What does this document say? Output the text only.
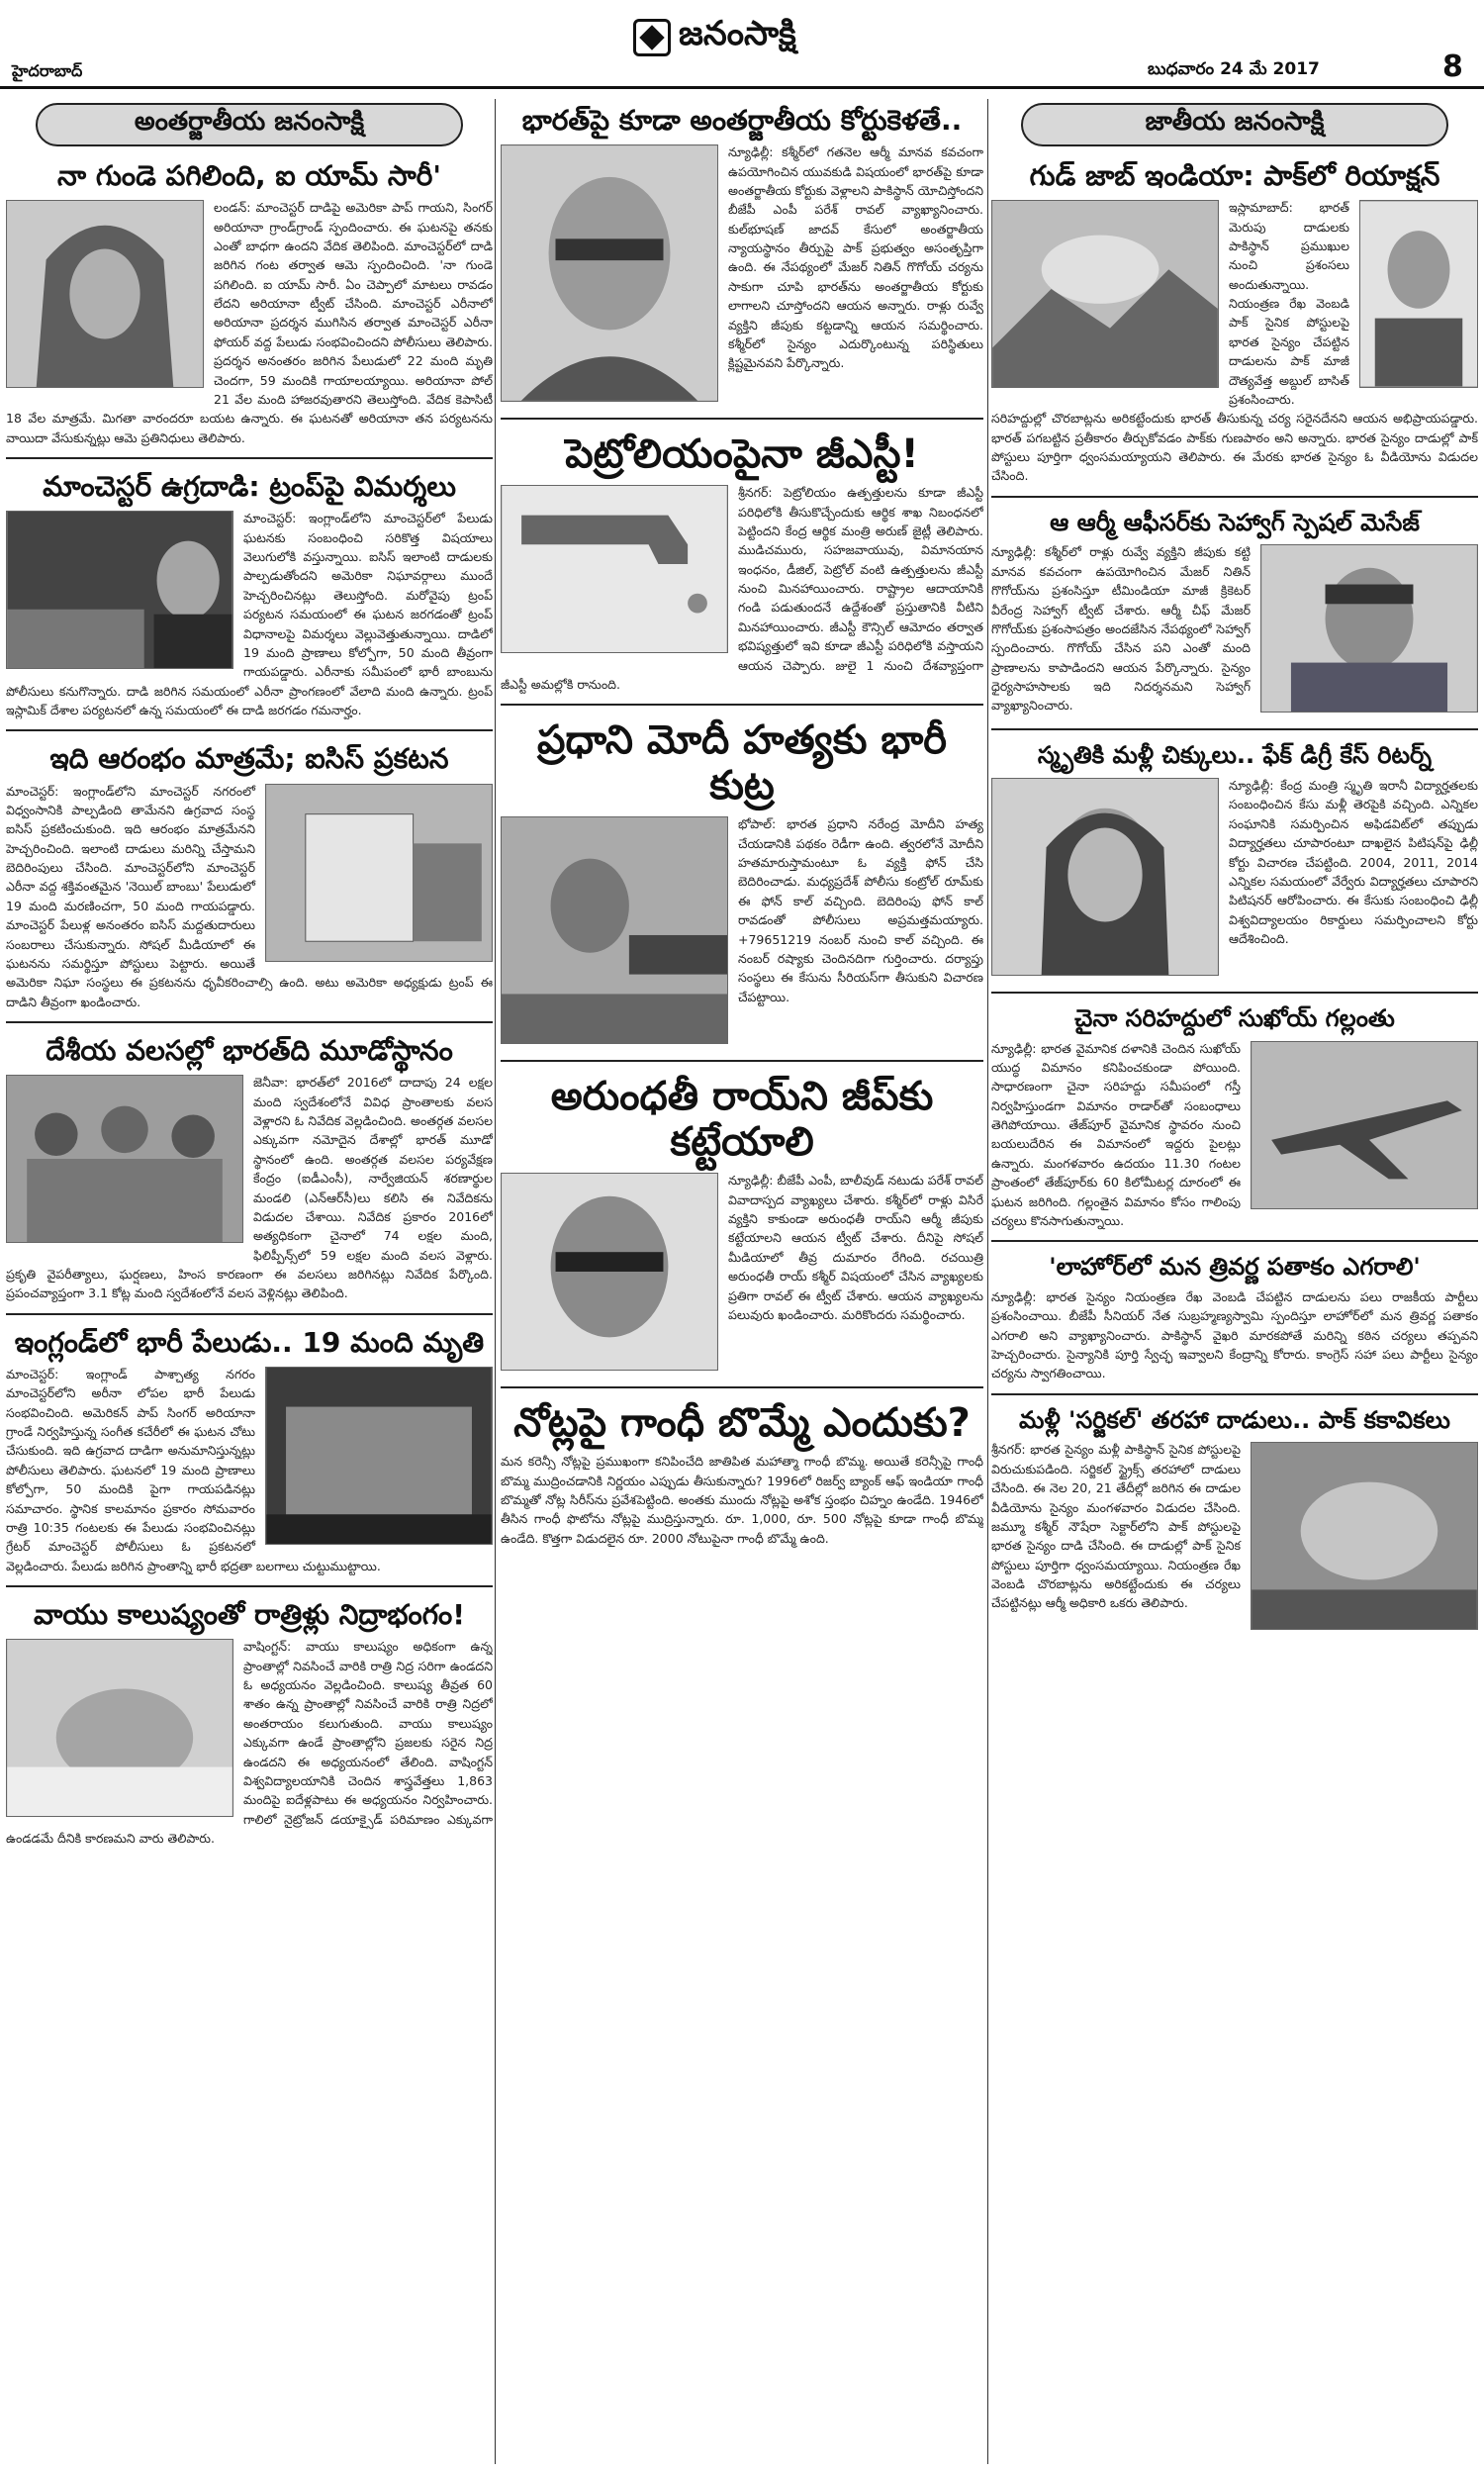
హైదరాబాద్
జనంసాక్షి
బుధవారం 24 మే 2017	8
అంతర్జాతీయ జనంసాక్షి
నా గుండె పగిలింది, ఐ యామ్ సారీ'
లండన్‌: మాంచెస్టర్‌ దాడిపై అమెరికా పాప్‌ గాయని, సింగర్‌ అరియానా గ్రాండ్‌గ్రాండ్‌ స్పందించారు. ఈ ఘటనపై తనకు ఎంతో బాధగా ఉందని వేదిక తెలిపింది. మాంచెస్టర్‌లో దాడి జరిగిన గంట తర్వాత ఆమె స్పందించింది. 'నా గుండె పగిలింది. ఐ యామ్‌ సారీ. ఏం చెప్పాలో మాటలు రావడం లేదని అరియానా ట్వీట్‌ చేసింది. మాంచెస్టర్‌ ఎరీనాలో అరియానా ప్రదర్శన ముగిసిన తర్వాత మాంచెస్టర్‌ ఎరీనా ఫోయర్‌ వద్ద పేలుడు సంభవించిందని పోలీసులు తెలిపారు. ప్రదర్శన అనంతరం జరిగిన పేలుడులో 22 మంది మృతి చెందగా, 59 మందికి గాయాలయ్యాయి. అరియానా పోల్‌ 21 వేల మంది హాజరవుతారని తెలుస్తోంది. వేదిక కెపాసిటీ 18 వేల మాత్రమే. మిగతా వారందరూ బయట ఉన్నారు. ఈ ఘటనతో అరియానా తన పర్యటనను వాయిదా వేసుకున్నట్లు ఆమె ప్రతినిధులు తెలిపారు.
మాంచెస్టర్‌ ఉగ్రదాడి: ట్రంప్‌పై విమర్శలు
మాంచెస్టర్‌: ఇంగ్లాండ్‌లోని మాంచెస్టర్‌లో పేలుడు ఘటనకు సంబంధించి సరికొత్త విషయాలు వెలుగులోకి వస్తున్నాయి. ఐసిస్‌ ఇలాంటి దాడులకు పాల్పడుతోందని అమెరికా నిఘావర్గాలు ముందే హెచ్చరించినట్లు తెలుస్తోంది. మరోవైపు ట్రంప్‌ పర్యటన సమయంలో ఈ ఘటన జరగడంతో ట్రంప్‌ విధానాలపై విమర్శలు వెల్లువెత్తుతున్నాయి. దాడిలో 19 మంది ప్రాణాలు కోల్పోగా, 50 మంది తీవ్రంగా గాయపడ్డారు. ఎరీనాకు సమీపంలో భారీ బాంబును పోలీసులు కనుగొన్నారు. దాడి జరిగిన సమయంలో ఎరీనా ప్రాంగణంలో వేలాది మంది ఉన్నారు. ట్రంప్‌ ఇస్లామిక్‌ దేశాల పర్యటనలో ఉన్న సమయంలో ఈ దాడి జరగడం గమనార్హం.
ఇది ఆరంభం మాత్రమే; ఐసిస్‌ ప్రకటన
మాంచెస్టర్‌: ఇంగ్లాండ్‌లోని మాంచెస్టర్‌ నగరంలో విధ్వంసానికి పాల్పడింది తామేనని ఉగ్రవాద సంస్థ ఐసిస్‌ ప్రకటించుకుంది. ఇది ఆరంభం మాత్రమేనని హెచ్చరించింది. ఇలాంటి దాడులు మరిన్ని చేస్తామని బెదిరింపులు చేసింది. మాంచెస్టర్‌లోని మాంచెస్టర్‌ ఎరీనా వద్ద శక్తివంతమైన 'నెయిల్‌ బాంబు' పేలుడులో 19 మంది మరణించగా, 50 మంది గాయపడ్డారు. మాంచెస్టర్‌ పేలుళ్ల అనంతరం ఐసిస్‌ మద్దతుదారులు సంబరాలు చేసుకున్నారు. సోషల్‌ మీడియాలో ఈ ఘటనను సమర్థిస్తూ పోస్టులు పెట్టారు. అయితే అమెరికా నిఘా సంస్థలు ఈ ప్రకటనను ధృవీకరించాల్సి ఉంది. అటు అమెరికా అధ్యక్షుడు ట్రంప్‌ ఈ దాడిని తీవ్రంగా ఖండించారు.
దేశీయ వలసల్లో భారత్‌ది మూడోస్థానం
జెనీవా: భారత్‌లో 2016లో దాదాపు 24 లక్షల మంది స్వదేశంలోనే వివిధ ప్రాంతాలకు వలస వెళ్లారని ఓ నివేదిక వెల్లడించింది. అంతర్గత వలసల ఎక్కువగా నమోదైన దేశాల్లో భారత్‌ మూడో స్థానంలో ఉంది. అంతర్గత వలసల పర్యవేక్షణ కేంద్రం (ఐడీఎంసీ), నార్వేజియన్‌ శరణార్థుల మండలి (ఎన్‌ఆర్‌సీ)లు కలిసి ఈ నివేదికను విడుదల చేశాయి. నివేదిక ప్రకారం 2016లో అత్యధికంగా చైనాలో 74 లక్షల మంది, ఫిలిప్పీన్స్‌లో 59 లక్షల మంది వలస వెళ్లారు. ప్రకృతి వైపరీత్యాలు, ఘర్షణలు, హింస కారణంగా ఈ వలసలు జరిగినట్లు నివేదిక పేర్కొంది. ప్రపంచవ్యాప్తంగా 3.1 కోట్ల మంది స్వదేశంలోనే వలస వెళ్లినట్లు తెలిపింది.
ఇంగ్లండ్‌లో భారీ పేలుడు.. 19 మంది మృతి
మాంచెస్టర్‌: ఇంగ్లాండ్‌ పాశ్చాత్య నగరం మాంచెస్టర్‌లోని అరీనా లోపల భారీ పేలుడు సంభవించింది. అమెరికన్‌ పాప్‌ సింగర్‌ అరియానా గ్రాండే నిర్వహిస్తున్న సంగీత కచేరీలో ఈ ఘటన చోటు చేసుకుంది. ఇది ఉగ్రవాద దాడిగా అనుమానిస్తున్నట్లు పోలీసులు తెలిపారు. ఘటనలో 19 మంది ప్రాణాలు కోల్పోగా, 50 మందికి పైగా గాయపడినట్లు సమాచారం. స్థానిక కాలమానం ప్రకారం సోమవారం రాత్రి 10:35 గంటలకు ఈ పేలుడు సంభవించినట్లు గ్రేటర్‌ మాంచెస్టర్‌ పోలీసులు ఓ ప్రకటనలో వెల్లడించారు. పేలుడు జరిగిన ప్రాంతాన్ని భారీ భద్రతా బలగాలు చుట్టుముట్టాయి.
వాయు కాలుష్యంతో రాత్రిళ్లు నిద్రాభంగం!
వాషింగ్టన్‌: వాయు కాలుష్యం అధికంగా ఉన్న ప్రాంతాల్లో నివసించే వారికి రాత్రి నిద్ర సరిగా ఉండదని ఓ అధ్యయనం వెల్లడించింది. కాలుష్య తీవ్రత 60 శాతం ఉన్న ప్రాంతాల్లో నివసించే వారికి రాత్రి నిద్రలో అంతరాయం కలుగుతుంది. వాయు కాలుష్యం ఎక్కువగా ఉండే ప్రాంతాల్లోని ప్రజలకు సరైన నిద్ర ఉండదని ఈ అధ్యయనంలో తేలింది. వాషింగ్టన్‌ విశ్వవిద్యాలయానికి చెందిన శాస్త్రవేత్తలు 1,863 మందిపై ఐదేళ్లపాటు ఈ అధ్యయనం నిర్వహించారు. గాలిలో నైట్రోజన్‌ డయాక్సైడ్‌ పరిమాణం ఎక్కువగా ఉండడమే దీనికి కారణమని వారు తెలిపారు.
భారత్‌పై కూడా అంతర్జాతీయ కోర్టుకెళతే..
న్యూఢిల్లీ: కశ్మీర్‌లో గతనెల ఆర్మీ మానవ కవచంగా ఉపయోగించిన యువకుడి విషయంలో భారత్‌పై కూడా అంతర్జాతీయ కోర్టుకు వెళ్లాలని పాకిస్థాన్‌ యోచిస్తోందని బీజేపీ ఎంపీ పరేశ్‌ రావల్‌ వ్యాఖ్యానించారు. కుల్‌భూషణ్‌ జాదవ్‌ కేసులో అంతర్జాతీయ న్యాయస్థానం తీర్పుపై పాక్‌ ప్రభుత్వం అసంతృప్తిగా ఉంది. ఈ నేపథ్యంలో మేజర్‌ నితిన్‌ గొగోయ్‌ చర్యను సాకుగా చూపి భారత్‌ను అంతర్జాతీయ కోర్టుకు లాగాలని చూస్తోందని ఆయన అన్నారు. రాళ్లు రువ్వే వ్యక్తిని జీపుకు కట్టడాన్ని ఆయన సమర్థించారు. కశ్మీర్‌లో సైన్యం ఎదుర్కొంటున్న పరిస్థితులు క్లిష్టమైనవని పేర్కొన్నారు.
పెట్రోలియంపైనా జీఎస్టీ!
శ్రీనగర్‌: పెట్రోలియం ఉత్పత్తులను కూడా జీఎస్టీ పరిధిలోకి తీసుకొచ్చేందుకు ఆర్థిక శాఖ నిబంధనలో పెట్టిందని కేంద్ర ఆర్థిక మంత్రి అరుణ్‌ జైట్లీ తెలిపారు. ముడిచమురు, సహజవాయువు, విమానయాన ఇంధనం, డీజిల్‌, పెట్రోల్‌ వంటి ఉత్పత్తులను జీఎస్టీ నుంచి మినహాయించారు. రాష్ట్రాల ఆదాయానికి గండి పడుతుందనే ఉద్దేశంతో ప్రస్తుతానికి వీటిని మినహాయించారు. జీఎస్టీ కౌన్సిల్‌ ఆమోదం తర్వాత భవిష్యత్తులో ఇవి కూడా జీఎస్టీ పరిధిలోకి వస్తాయని ఆయన చెప్పారు. జులై 1 నుంచి దేశవ్యాప్తంగా జీఎస్టీ అమల్లోకి రానుంది.
ప్రధాని మోదీ హత్యకు భారీ కుట్ర
భోపాల్‌: భారత ప్రధాని నరేంద్ర మోదీని హత్య చేయడానికి పథకం రెడీగా ఉంది. త్వరలోనే మోదీని హతమారుస్తామంటూ ఓ వ్యక్తి ఫోన్‌ చేసి బెదిరించాడు. మధ్యప్రదేశ్‌ పోలీసు కంట్రోల్‌ రూమ్‌కు ఈ ఫోన్‌ కాల్‌ వచ్చింది. బెదిరింపు ఫోన్‌ కాల్‌ రావడంతో పోలీసులు అప్రమత్తమయ్యారు. +79651219 నంబర్‌ నుంచి కాల్‌ వచ్చింది. ఈ నంబర్‌ రష్యాకు చెందినదిగా గుర్తించారు. దర్యాప్తు సంస్థలు ఈ కేసును సీరియస్‌గా తీసుకుని విచారణ చేపట్టాయి.
అరుంధతీ రాయ్‌ని జీప్‌కు కట్టేయాలి
న్యూఢిల్లీ: బీజేపీ ఎంపీ, బాలీవుడ్‌ నటుడు పరేశ్‌ రావల్‌ వివాదాస్పద వ్యాఖ్యలు చేశారు. కశ్మీర్‌లో రాళ్లు విసిరే వ్యక్తిని కాకుండా అరుంధతీ రాయ్‌ని ఆర్మీ జీపుకు కట్టేయాలని ఆయన ట్వీట్‌ చేశారు. దీనిపై సోషల్‌ మీడియాలో తీవ్ర దుమారం రేగింది. రచయిత్రి అరుంధతీ రాయ్‌ కశ్మీర్‌ విషయంలో చేసిన వ్యాఖ్యలకు ప్రతిగా రావల్‌ ఈ ట్వీట్‌ చేశారు. ఆయన వ్యాఖ్యలను పలువురు ఖండించారు. మరికొందరు సమర్థించారు.
నోట్లపై గాంధీ బొమ్మే ఎందుకు?
మన కరెన్సీ నోట్లపై ప్రముఖంగా కనిపించేది జాతిపిత మహాత్మా గాంధీ బొమ్మ. అయితే కరెన్సీపై గాంధీ బొమ్మ ముద్రించడానికి నిర్ణయం ఎప్పుడు తీసుకున్నారు? 1996లో రిజర్వ్‌ బ్యాంక్‌ ఆఫ్‌ ఇండియా గాంధీ బొమ్మతో నోట్ల సిరీస్‌ను ప్రవేశపెట్టింది. అంతకు ముందు నోట్లపై అశోక స్తంభం చిహ్నం ఉండేది. 1946లో తీసిన గాంధీ ఫొటోను నోట్లపై ముద్రిస్తున్నారు. రూ. 1,000, రూ. 500 నోట్లపై కూడా గాంధీ బొమ్మ ఉండేది. కొత్తగా విడుదలైన రూ. 2000 నోటుపైనా గాంధీ బొమ్మే ఉంది.
జాతీయ జనంసాక్షి
గుడ్‌ జాబ్‌ ఇండియా: పాక్‌లో రియాక్షన్‌
ఇస్లామాబాద్‌: భారత్‌ మెరుపు దాడులకు పాకిస్థాన్‌ ప్రముఖుల నుంచి ప్రశంసలు అందుతున్నాయి. నియంత్రణ రేఖ వెంబడి పాక్‌ సైనిక పోస్టులపై భారత సైన్యం చేపట్టిన దాడులను పాక్‌ మాజీ దౌత్యవేత్త అబ్దుల్‌ బాసిత్‌ ప్రశంసించారు. సరిహద్దుల్లో చొరబాట్లను అరికట్టేందుకు భారత్‌ తీసుకున్న చర్య సరైనదేనని ఆయన అభిప్రాయపడ్డారు. భారత్‌ పగబట్టిన ప్రతీకారం తీర్చుకోవడం పాక్‌కు గుణపాఠం అని అన్నారు. భారత సైన్యం దాడుల్లో పాక్‌ పోస్టులు పూర్తిగా ధ్వంసమయ్యాయని తెలిపారు. ఈ మేరకు భారత సైన్యం ఓ వీడియోను విడుదల చేసింది.
ఆ ఆర్మీ ఆఫీసర్‌కు సెహ్వాగ్‌ స్పెషల్‌ మెసేజ్‌
న్యూఢిల్లీ: కశ్మీర్‌లో రాళ్లు రువ్వే వ్యక్తిని జీపుకు కట్టి మానవ కవచంగా ఉపయోగించిన మేజర్‌ నితిన్‌ గొగోయ్‌ను ప్రశంసిస్తూ టీమిండియా మాజీ క్రికెటర్‌ వీరేంద్ర సెహ్వాగ్‌ ట్వీట్‌ చేశారు. ఆర్మీ చీఫ్‌ మేజర్‌ గొగోయ్‌కు ప్రశంసాపత్రం అందజేసిన నేపథ్యంలో సెహ్వాగ్‌ స్పందించారు. గొగోయ్‌ చేసిన పని ఎంతో మంది ప్రాణాలను కాపాడిందని ఆయన పేర్కొన్నారు. సైన్యం ధైర్యసాహసాలకు ఇది నిదర్శనమని సెహ్వాగ్‌ వ్యాఖ్యానించారు.
స్మృతికి మళ్లీ చిక్కులు.. ఫేక్‌ డిగ్రీ కేస్‌ రిటర్న్‌
న్యూఢిల్లీ: కేంద్ర మంత్రి స్మృతి ఇరానీ విద్యార్హతలకు సంబంధించిన కేసు మళ్లీ తెరపైకి వచ్చింది. ఎన్నికల సంఘానికి సమర్పించిన అఫిడవిట్‌లో తప్పుడు విద్యార్హతలు చూపారంటూ దాఖలైన పిటిషన్‌పై ఢిల్లీ కోర్టు విచారణ చేపట్టింది. 2004, 2011, 2014 ఎన్నికల సమయంలో వేర్వేరు విద్యార్హతలు చూపారని పిటిషనర్‌ ఆరోపించారు. ఈ కేసుకు సంబంధించి ఢిల్లీ విశ్వవిద్యాలయం రికార్డులు సమర్పించాలని కోర్టు ఆదేశించింది.
చైనా సరిహద్దులో సుఖోయ్‌ గల్లంతు
న్యూఢిల్లీ: భారత వైమానిక దళానికి చెందిన సుఖోయ్‌ యుద్ధ విమానం కనిపించకుండా పోయింది. సాధారణంగా చైనా సరిహద్దు సమీపంలో గస్తీ నిర్వహిస్తుండగా విమానం రాడార్‌తో సంబంధాలు తెగిపోయాయి. తేజ్‌పూర్‌ వైమానిక స్థావరం నుంచి బయలుదేరిన ఈ విమానంలో ఇద్దరు పైలట్లు ఉన్నారు. మంగళవారం ఉదయం 11.30 గంటల ప్రాంతంలో తేజ్‌పూర్‌కు 60 కిలోమీటర్ల దూరంలో ఈ ఘటన జరిగింది. గల్లంతైన విమానం కోసం గాలింపు చర్యలు కొనసాగుతున్నాయి.
'లాహోర్‌లో మన త్రివర్ణ పతాకం ఎగరాలి'
న్యూఢిల్లీ: భారత సైన్యం నియంత్రణ రేఖ వెంబడి చేపట్టిన దాడులను పలు రాజకీయ పార్టీలు ప్రశంసించాయి. బీజేపీ సీనియర్‌ నేత సుబ్రహ్మణ్యస్వామి స్పందిస్తూ లాహోర్‌లో మన త్రివర్ణ పతాకం ఎగరాలి అని వ్యాఖ్యానించారు. పాకిస్థాన్‌ వైఖరి మారకపోతే మరిన్ని కఠిన చర్యలు తప్పవని హెచ్చరించారు. సైన్యానికి పూర్తి స్వేచ్ఛ ఇవ్వాలని కేంద్రాన్ని కోరారు. కాంగ్రెస్‌ సహా పలు పార్టీలు సైన్యం చర్యను స్వాగతించాయి.
మళ్లీ 'సర్జికల్‌' తరహా దాడులు.. పాక్‌ కకావికలు
శ్రీనగర్‌: భారత సైన్యం మళ్లీ పాకిస్థాన్‌ సైనిక పోస్టులపై విరుచుకుపడింది. సర్జికల్‌ స్ట్రైక్స్‌ తరహాలో దాడులు చేసింది. ఈ నెల 20, 21 తేదీల్లో జరిగిన ఈ దాడుల వీడియోను సైన్యం మంగళవారం విడుదల చేసింది. జమ్మూ కశ్మీర్‌ నౌషేరా సెక్టార్‌లోని పాక్‌ పోస్టులపై భారత సైన్యం దాడి చేసింది. ఈ దాడుల్లో పాక్‌ సైనిక పోస్టులు పూర్తిగా ధ్వంసమయ్యాయి. నియంత్రణ రేఖ వెంబడి చొరబాట్లను అరికట్టేందుకు ఈ చర్యలు చేపట్టినట్లు ఆర్మీ అధికారి ఒకరు తెలిపారు.
